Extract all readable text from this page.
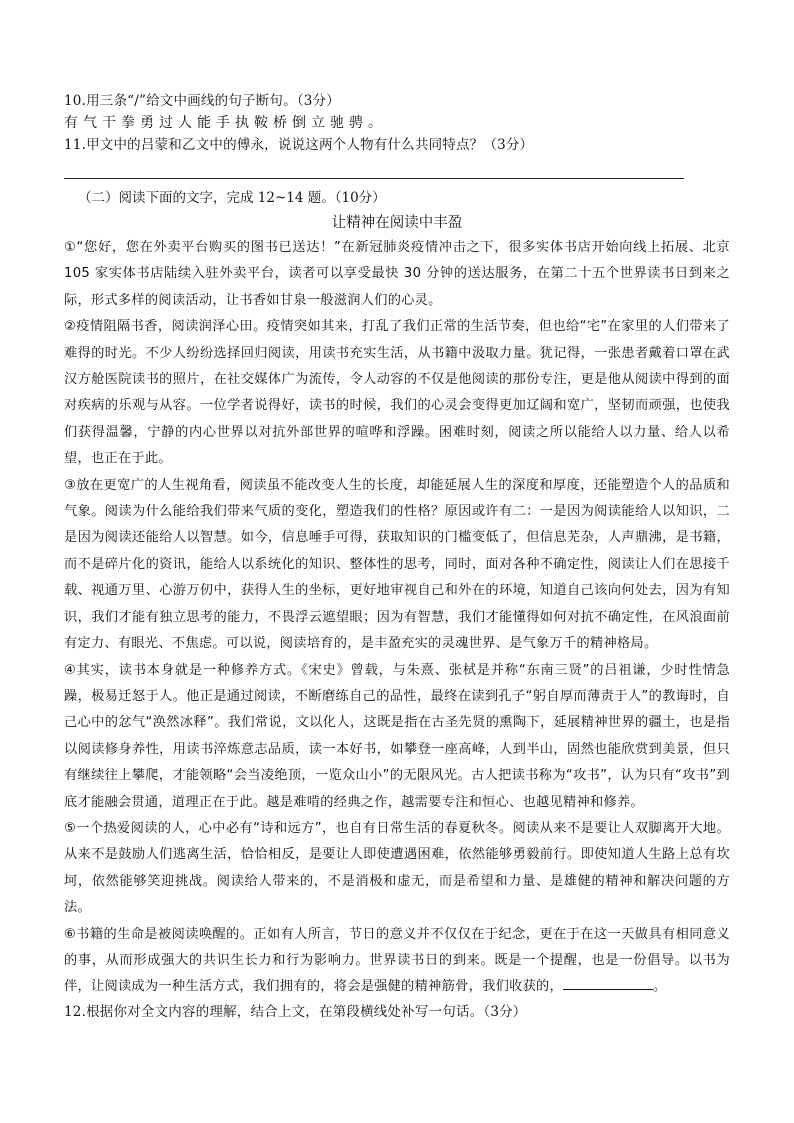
10.用三条“/”给文中画线的句子断句。（3分）
有气干拳勇过人能手执鞍桥倒立驰骋。
11.甲文中的吕蒙和乙文中的傅永，说说这两个人物有什么共同特点？（3分）
（二）阅读下面的文字，完成 12~14 题。（10分）
让精神在阅读中丰盈

①“您好，您在外卖平台购买的图书已送达！”在新冠肺炎疫情冲击之下，很多实体书店开始向线上拓展、北京 105 家实体书店陆续入驻外卖平台，读者可以享受最快 30 分钟的送达服务，在第二十五个世界读书日到来之际，形式多样的阅读活动，让书香如甘泉一般滋润人们的心灵。

②疫情阻隔书香，阅读润泽心田。疫情突如其来，打乱了我们正常的生活节奏，但也给“宅”在家里的人们带来了难得的时光。不少人纷纷选择回归阅读，用读书充实生活，从书籍中汲取力量。犹记得，一张患者戴着口罩在武汉方舱医院读书的照片，在社交媒体广为流传，令人动容的不仅是他阅读的那份专注，更是他从阅读中得到的面对疾病的乐观与从容。一位学者说得好，读书的时候，我们的心灵会变得更加辽阔和宽广，坚韧而顽强，也使我们获得温馨，宁静的内心世界以对抗外部世界的喧哗和浮躁。困难时刻，阅读之所以能给人以力量、给人以希望，也正在于此。

③放在更宽广的人生视角看，阅读虽不能改变人生的长度，却能延展人生的深度和厚度，还能塑造个人的品质和气象。阅读为什么能给我们带来气质的变化，塑造我们的性格？原因或许有二：一是因为阅读能给人以知识，二是因为阅读还能给人以智慧。如今，信息唾手可得，获取知识的门槛变低了，但信息芜杂，人声鼎沸，是书籍，而不是碎片化的资讯，能给人以系统化的知识、整体性的思考，同时，面对各种不确定性，阅读让人们在思接千载、视通万里、心游万仞中，获得人生的坐标，更好地审视自己和外在的环境，知道自己该向何处去，因为有知识，我们才能有独立思考的能力，不畏浮云遮望眼；因为有智慧，我们才能懂得如何对抗不确定性，在风浪面前有定力、有眼光、不焦虑。可以说，阅读培育的，是丰盈充实的灵魂世界、是气象万千的精神格局。

④其实，读书本身就是一种修养方式。《宋史》曾载，与朱熹、张栻是并称“东南三贤”的吕祖谦，少时性情急躁，极易迁怒于人。他正是通过阅读，不断磨练自己的品性，最终在读到孔子“躬自厚而薄责于人”的教诲时，自己心中的忿气“涣然冰释”。我们常说，文以化人，这既是指在古圣先贤的熏陶下，延展精神世界的疆土，也是指以阅读修身养性，用读书淬炼意志品质，读一本好书，如攀登一座高峰，人到半山，固然也能欣赏到美景，但只有继续往上攀爬，才能领略“会当凌绝顶，一览众山小”的无限风光。古人把读书称为“攻书”，认为只有“攻书”到底才能融会贯通，道理正在于此。越是难啃的经典之作，越需要专注和恒心、也越见精神和修养。

⑤一个热爱阅读的人，心中必有“诗和远方”，也自有日常生活的春夏秋冬。阅读从来不是要让人双脚离开大地。从来不是鼓励人们逃离生活，恰恰相反，是要让人即使遭遇困难，依然能够勇毅前行。即使知道人生路上总有坎坷，依然能够笑迎挑战。阅读给人带来的，不是消极和虚无，而是希望和力量、是雄健的精神和解决问题的方法。

⑥书籍的生命是被阅读唤醒的。正如有人所言，节日的意义并不仅仅在于纪念，更在于在这一天做具有相同意义的事，从而形成强大的共识生长力和行为影响力。世界读书日的到来。既是一个提醒，也是一份倡导。以书为伴，让阅读成为一种生活方式，我们拥有的，将会是强健的精神筋骨，我们收获的，	。

12.根据你对全文内容的理解，结合上文，在第段横线处补写一句话。（3分）
